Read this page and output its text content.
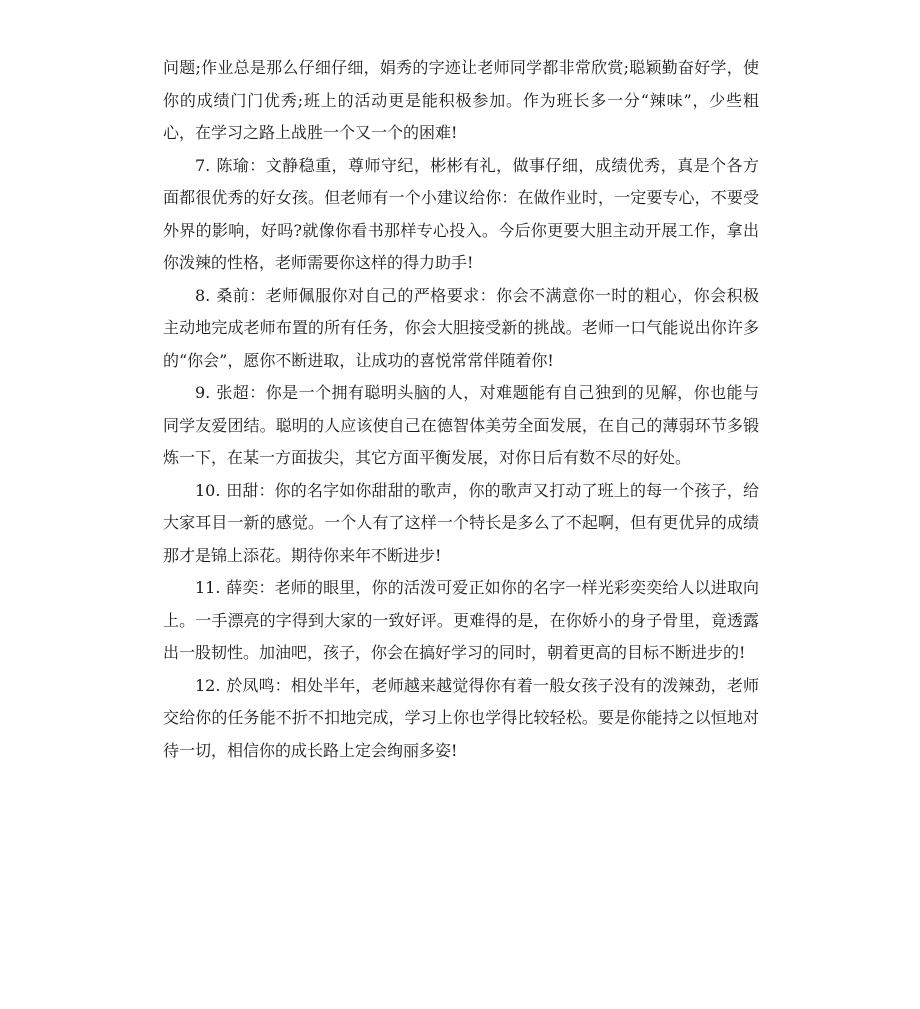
问题;作业总是那么仔细仔细，娟秀的字迹让老师同学都非常欣赏;聪颖勤奋好学，使你的成绩门门优秀;班上的活动更是能积极参加。作为班长多一分“辣味”，少些粗心，在学习之路上战胜一个又一个的困难!

7. 陈瑜：文静稳重，尊师守纪，彬彬有礼，做事仔细，成绩优秀，真是个各方面都很优秀的好女孩。但老师有一个小建议给你：在做作业时，一定要专心，不要受外界的影响，好吗?就像你看书那样专心投入。今后你更要大胆主动开展工作，拿出你泼辣的性格，老师需要你这样的得力助手!

8. 桑前：老师佩服你对自己的严格要求：你会不满意你一时的粗心，你会积极主动地完成老师布置的所有任务，你会大胆接受新的挑战。老师一口气能说出你许多的“你会”，愿你不断进取，让成功的喜悦常常伴随着你!

9. 张超：你是一个拥有聪明头脑的人，对难题能有自己独到的见解，你也能与同学友爱团结。聪明的人应该使自己在德智体美劳全面发展，在自己的薄弱环节多锻炼一下，在某一方面拔尖，其它方面平衡发展，对你日后有数不尽的好处。

10. 田甜：你的名字如你甜甜的歌声，你的歌声又打动了班上的每一个孩子，给大家耳目一新的感觉。一个人有了这样一个特长是多么了不起啊，但有更优异的成绩那才是锦上添花。期待你来年不断进步!

11. 薛奕：老师的眼里，你的活泼可爱正如你的名字一样光彩奕奕给人以进取向上。一手漂亮的字得到大家的一致好评。更难得的是，在你娇小的身子骨里，竟透露出一股韧性。加油吧，孩子，你会在搞好学习的同时，朝着更高的目标不断进步的!

12. 於凤鸣：相处半年，老师越来越觉得你有着一般女孩子没有的泼辣劲，老师交给你的任务能不折不扣地完成，学习上你也学得比较轻松。要是你能持之以恒地对待一切，相信你的成长路上定会绚丽多姿!
